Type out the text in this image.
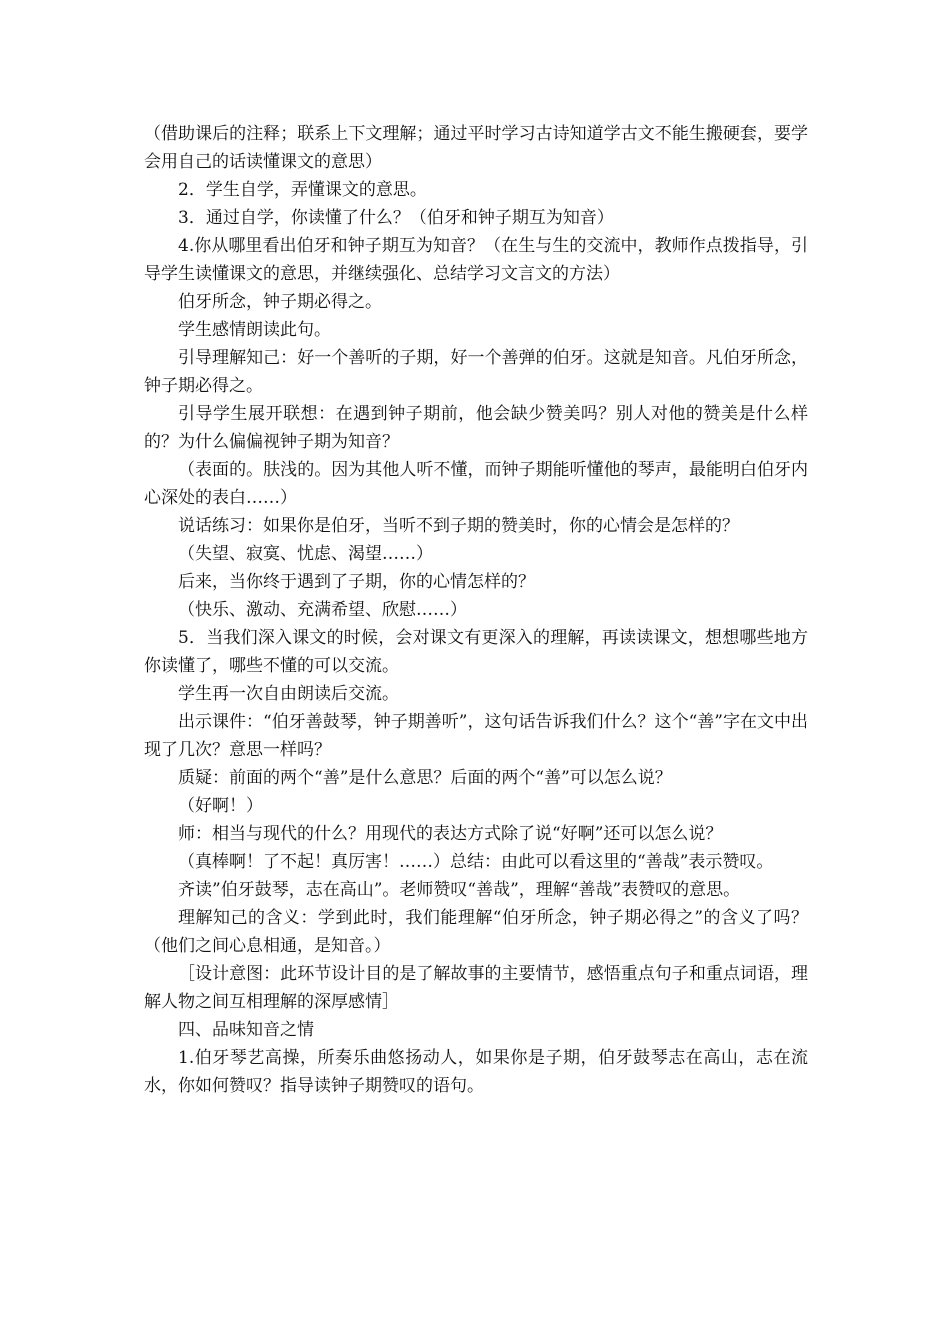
（借助课后的注释；联系上下文理解；通过平时学习古诗知道学古文不能生搬硬套，要学会用自己的话读懂课文的意思）

2．学生自学，弄懂课文的意思。

3．通过自学，你读懂了什么？（伯牙和钟子期互为知音）

4.你从哪里看出伯牙和钟子期互为知音？（在生与生的交流中，教师作点拨指导，引导学生读懂课文的意思，并继续强化、总结学习文言文的方法）

伯牙所念，钟子期必得之。

学生感情朗读此句。

引导理解知己：好一个善听的子期，好一个善弹的伯牙。这就是知音。凡伯牙所念，钟子期必得之。

引导学生展开联想：在遇到钟子期前，他会缺少赞美吗？别人对他的赞美是什么样的？为什么偏偏视钟子期为知音？

（表面的。肤浅的。因为其他人听不懂，而钟子期能听懂他的琴声，最能明白伯牙内心深处的表白……）

说话练习：如果你是伯牙，当听不到子期的赞美时，你的心情会是怎样的？

（失望、寂寞、忧虑、渴望……）

后来，当你终于遇到了子期，你的心情怎样的？

（快乐、激动、充满希望、欣慰……）

5．当我们深入课文的时候，会对课文有更深入的理解，再读读课文，想想哪些地方你读懂了，哪些不懂的可以交流。

学生再一次自由朗读后交流。

出示课件：“伯牙善鼓琴，钟子期善听”，这句话告诉我们什么？这个“善”字在文中出现了几次？意思一样吗？

质疑：前面的两个“善”是什么意思？后面的两个“善”可以怎么说？

（好啊！）

师：相当与现代的什么？用现代的表达方式除了说“好啊”还可以怎么说？

（真棒啊！了不起！真厉害！……）总结：由此可以看这里的“善哉”表示赞叹。

齐读”伯牙鼓琴，志在高山”。老师赞叹“善哉”，理解“善哉”表赞叹的意思。

理解知己的含义：学到此时，我们能理解“伯牙所念，钟子期必得之”的含义了吗？（他们之间心息相通，是知音。）

［设计意图：此环节设计目的是了解故事的主要情节，感悟重点句子和重点词语，理解人物之间互相理解的深厚感情］

四、品味知音之情

1.伯牙琴艺高操，所奏乐曲悠扬动人，如果你是子期，伯牙鼓琴志在高山，志在流水，你如何赞叹？指导读钟子期赞叹的语句。
